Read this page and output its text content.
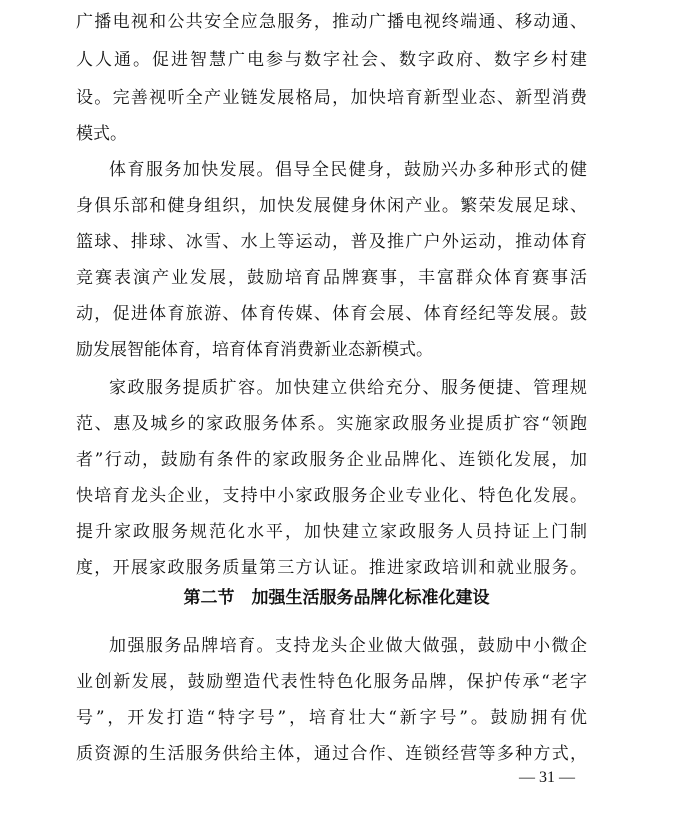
广播电视和公共安全应急服务，推动广播电视终端通、移动通、
人人通。促进智慧广电参与数字社会、数字政府、数字乡村建
设。完善视听全产业链发展格局，加快培育新型业态、新型消费
模式。
体育服务加快发展。倡导全民健身，鼓励兴办多种形式的健
身俱乐部和健身组织，加快发展健身休闲产业。繁荣发展足球、
篮球、排球、冰雪、水上等运动，普及推广户外运动，推动体育
竞赛表演产业发展，鼓励培育品牌赛事，丰富群众体育赛事活
动，促进体育旅游、体育传媒、体育会展、体育经纪等发展。鼓
励发展智能体育，培育体育消费新业态新模式。
家政服务提质扩容。加快建立供给充分、服务便捷、管理规
范、惠及城乡的家政服务体系。实施家政服务业提质扩容“领跑
者”行动，鼓励有条件的家政服务企业品牌化、连锁化发展，加
快培育龙头企业，支持中小家政服务企业专业化、特色化发展。
提升家政服务规范化水平，加快建立家政服务人员持证上门制
度，开展家政服务质量第三方认证。推进家政培训和就业服务。
第二节　加强生活服务品牌化标准化建设
加强服务品牌培育。支持龙头企业做大做强，鼓励中小微企
业创新发展，鼓励塑造代表性特色化服务品牌，保护传承“老字
号”，开发打造“特字号”，培育壮大“新字号”。鼓励拥有优
质资源的生活服务供给主体，通过合作、连锁经营等多种方式，
— 31 —
